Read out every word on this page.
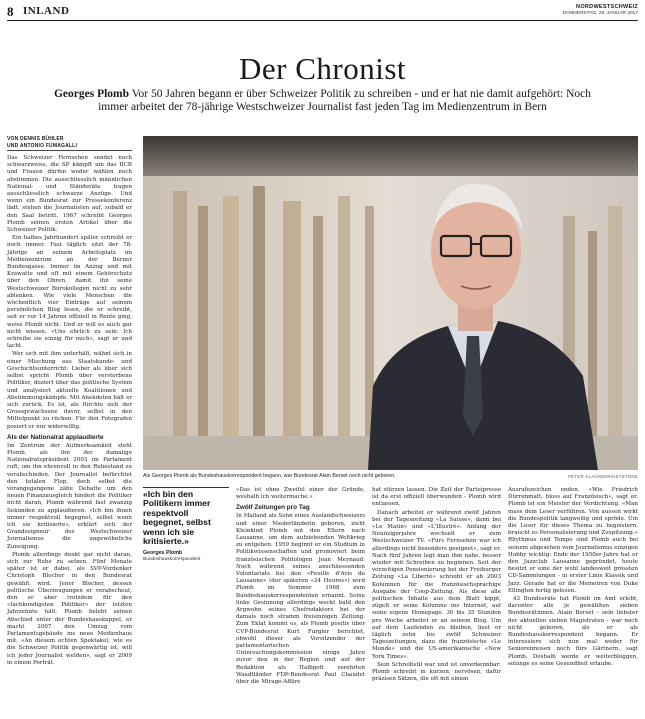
8 INLAND	NORDWESTSCHWEIZ
DONNERSTAG, 26. JANUAR 2017
Der Chronist
Georges Plomb Vor 50 Jahren begann er über Schweizer Politik zu schreiben - und er hat nie damit aufgehört: Noch immer arbeitet der 78-jährige Westschweizer Journalist fast jeden Tag im Medienzentrum in Bern
VON DENNIS BÜHLER
UND ANTONIO FUMAGALLI

Das Schweizer Fernsehen sendet noch schwarzweiss, die SP kämpft um das BCB und Frauen dürfen weder wählen noch abstimmen. Die ausschliesslich männlichen National- und Ständeräte tragen ausschliesslich schwarze Anzüge. Und wenn ein Bundesrat zur Pressekonferenz lädt, stehen die Journalisten auf, sobald er den Saal betritt. 1967 schreibt Georges Plomb seinen ersten Artikel über die Schweizer Politik.

Ein halbes Jahrhundert später schreibt er noch immer. Fast täglich sitzt der 78-Jährige an seinem Arbeitsplatz im Medienzentrum an der Berner Bundesgasse. Immer im Anzug und mit Krawatte und oft mit einem Gehörschutz über den Ohren, damit ihn seine Westschweizer Bürokollegen nicht zu sehr ablenken. Wie viele Menschen die wöchentlich vier Einträge auf seinem persönlichen Blog lesen, die er schreibt, seit er vor 14 Jahren offiziell in Rente ging, weiss Plomb nicht. Und er will es auch gar nicht wissen. «Uns ehrlich zu sein: Ich schreibe sie einzig für mich», sagt er und lacht.

Wer sich mit ihm unterhält, wähnt sich in einer Mischung aus Staatskunde- und Geschichtsunterricht: Lieber als über sich selbst spricht Plomb über verstorbene Politiker, doziert über das politische System und analysiert aktuelle Koalitionen und Abstimmungskämpfe. Mit Anekdoten hält er sich zurück. Es ist, als fürchte sich der Grossgewachsene davor, selbst in den Mittelpunkt zu rücken. Für den Fotografen posiert er nur widerwillig.

Als der Nationalrat applaudierte

Im Zentrum der Aufmerksamkeit steht Plomb, als ihn der damalige Nationalratspräsident 2003 im Parlament ruft, um ihn ehrenvoll in den Ruhestand zu verabschieden. Der Journalist befürchtet den totalen Flop, doch selbst die vorangegangene zähe Debatte um den neuen Finanzausgleich hindert die Politiker nicht daran, Plomb während fast zwanzig Sekunden zu applaudieren. «Ich bin ihnen immer respektvoll begegnet, selbst wenn ich sie kritisierte», erklärt sich der Grandseigneur des Westschweizer Journalismus die ungewöhnliche Zuneigung.

Plomb allerdings denkt gar nicht daran, sich zur Ruhe zu setzen. Fünf Monate später ist er dabei, als SVP-Vordenker Christoph Blocher in den Bundesrat gewählt wird. Jener Blocher, dessen politische Überzeugungen er verabscheut, den er aber trotzdem für den «fachkundigsten Politiker» der letzten Jahrzehnte hält. Plomb belebt seinen Abschied unter der Bundeshauskuppel, er macht 2007 den Umzug vom Parlamentsgebäude ins neue Medienhaus mit. «An diesem echten Spektakel, wie es die Schweizer Politik gegenwärtig ist, will ich jeder Journalist welden», sagt er 2009 in einem Porträt.

Als Georges Plomb als Bundeshauskorrespondent begann, war Bundesrat Alain Berset noch nicht geboren.	PETER KLAUNZER/KEYSTONE
«Ich bin den Politikern immer respektvoll begegnet, selbst wenn ich sie kritisierte.»
Georges Plomb
Bundeshauskorrespondent

«Das ist ohne Zweifel einer der Gründe, weshalb ich weitermache.»

Zwölf Zeitungen pro Tag

In Malland als Sohn eines Auslandschweizers und einer Niederländerin geboren, zieht Kleinkind Plomb mit den Eltern nach Lausanne, um dem aufziehenden Weltkrieg zu entgehen. 1959 beginnt er ein Studium in Politikwissenschaften und promoviert beim französischen Politologen Jean Meynaud. Noch während seines anschliessenden Volontariats bei den «Feuille d'Avis de Lausanne» (der späteren «24 Heures») wird Plomb im Sommer 1968 zum Bundeshauskorrespondenten ernannt. Seine linke Gesinnung allerdings weckt bald den Argwohn seines Chefredaktors bei der damals noch stramm freisinnigen Zeitung. Zum Eklat kommt es, als Plomb positiv über CVP-Bundesrat Kurt Furgler berichtet, obwohl dieser als Vorsitzender der parlamentarischen Untersuchungskommission einige Jahre zuvor den in der Region und auf der Redaktion als Halbgott verehrten Waadtländer FDP-Bundesrat Paul Chaudet über die Mirage-Affäre

hat stürzen lassen. Die Zeit der Parteipresse ist da erst offiziell überwunden - Plomb wird entlassen.

Danach arbeitet er während zwölf Jahren bei der Tageszeitung «La Suisse», dann bei «Le Matin» und «L'Illustré». Anfang der Neunzigerjahre wechselt er zum Westschweizer TV. «Fürs Fernsehen war ich allerdings nicht besonders geeignet», sagt er. Nach fünf Jahren legt man ihm nahe, besser wieder mit Schreiben zu beginnen. Seit der vorzeitigen Pensionierung bei der Freiburger Zeitung «La Liberté» schreibt er ab 2003 Kolumnen für die französischsprachige Ausgabe der Coop-Zeitung. Als diese alle politischen Inhalte aus dem Blatt kippt, zügelt er seine Kolumne ins Internet, auf seine eigene Homepage. 30 bis 35 Stunden pro Woche arbeitet er an seinem Blog. Um auf dem Laufenden zu bleiben, liest er täglich zehn bis zwölf Schweizer Tageszeitungen, dazu die französische «Le Monde» und die US-amerikanische «New York Times».

Sein Schreibstil war und ist unverkennbar: Plomb schreibt in kurzen, nervösen, dafür präzisen Sätzen, die oft mit einem

Ausrufezeichen enden. «Wie Friedrich Dürrenmatt, bloss auf Französisch», sagt er. Plomb ist ein Meister der Verdichtung. «Man muss dem Leser verführen. Von aussen wirkt die Bundespolitik langweilig und spröde. Um die Leser für dieses Thema zu begeistern, braucht es Personalisierung und Zuspitzung.» Rhythmus und Tempo sind Plomb auch bei seinem abgesehen vom Journalismus einzigen Hobby wichtig: Ende der 1950er-Jahre hat er den Jazzclub Lausanne gegründet, heute besitzt er eine der wohl landesweit grössten CD-Sammlungen - in erster Linie Klassik und Jazz. Gerade hat er die Memoiren von Duke Ellington fertig gelesen.

43 Bundesräte hat Plomb im Amt erlebt, darunter alle je gewählten sieben Bundesrätinnen. Alain Berset - sein liebster der aktuellen sieben Magistraten - war noch nicht geboren, als er als Bundeshauskorrespondent begann. Er interessiere sich nun mal weder für Seniorenreisen noch fürs Gärtnern, sagt Plomb. Deshalb werde er weiterbloggen, solange es seine Gesundheit erlaube.
